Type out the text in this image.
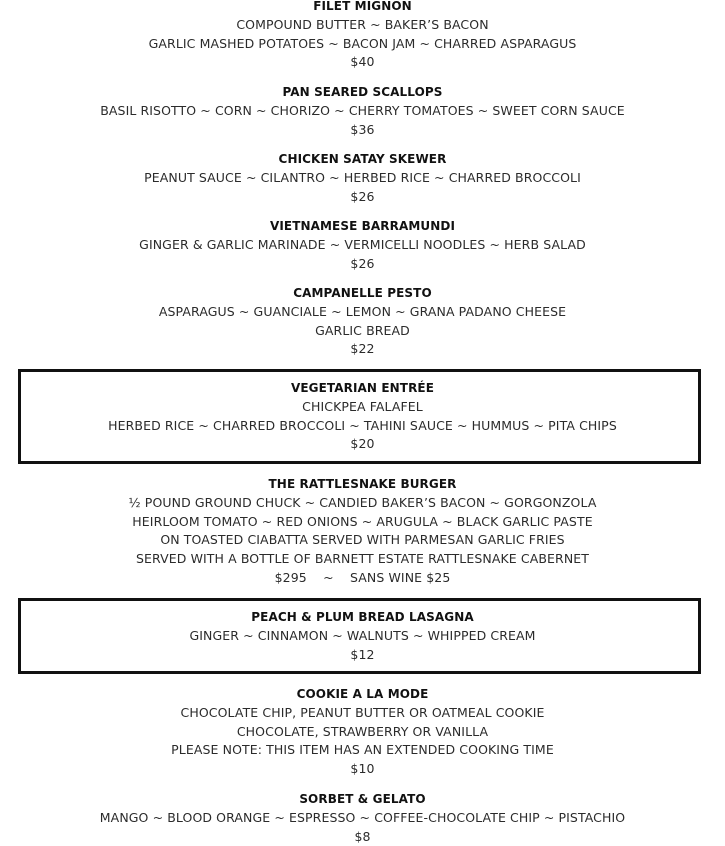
FILET MIGNON
COMPOUND BUTTER ~ BAKER’S BACON
GARLIC MASHED POTATOES ~ BACON JAM ~ CHARRED ASPARAGUS
$40
PAN SEARED SCALLOPS
BASIL RISOTTO ~ CORN ~ CHORIZO ~ CHERRY TOMATOES ~ SWEET CORN SAUCE
$36
CHICKEN SATAY SKEWER
PEANUT SAUCE ~ CILANTRO ~ HERBED RICE ~ CHARRED BROCCOLI
$26
VIETNAMESE BARRAMUNDI
GINGER & GARLIC MARINADE ~ VERMICELLI NOODLES ~ HERB SALAD
$26
CAMPANELLE PESTO
ASPARAGUS ~ GUANCIALE ~ LEMON ~ GRANA PADANO CHEESE
GARLIC BREAD
$22
VEGETARIAN ENTRÉE
CHICKPEA FALAFEL
HERBED RICE ~ CHARRED BROCCOLI ~ TAHINI SAUCE ~ HUMMUS ~ PITA CHIPS
$20
THE RATTLESNAKE BURGER
½ POUND GROUND CHUCK ~ CANDIED BAKER’S BACON ~ GORGONZOLA
HEIRLOOM TOMATO ~ RED ONIONS ~ ARUGULA ~ BLACK GARLIC PASTE
ON TOASTED CIABATTA SERVED WITH PARMESAN GARLIC FRIES
SERVED WITH A BOTTLE OF BARNETT ESTATE RATTLESNAKE CABERNET
$295    ~    SANS WINE $25
PEACH & PLUM BREAD LASAGNA
GINGER ~ CINNAMON ~ WALNUTS ~ WHIPPED CREAM
$12
COOKIE A LA MODE
CHOCOLATE CHIP, PEANUT BUTTER OR OATMEAL COOKIE
CHOCOLATE, STRAWBERRY OR VANILLA
PLEASE NOTE: THIS ITEM HAS AN EXTENDED COOKING TIME
$10
SORBET & GELATO
MANGO ~ BLOOD ORANGE ~ ESPRESSO ~ COFFEE-CHOCOLATE CHIP ~ PISTACHIO
$8
